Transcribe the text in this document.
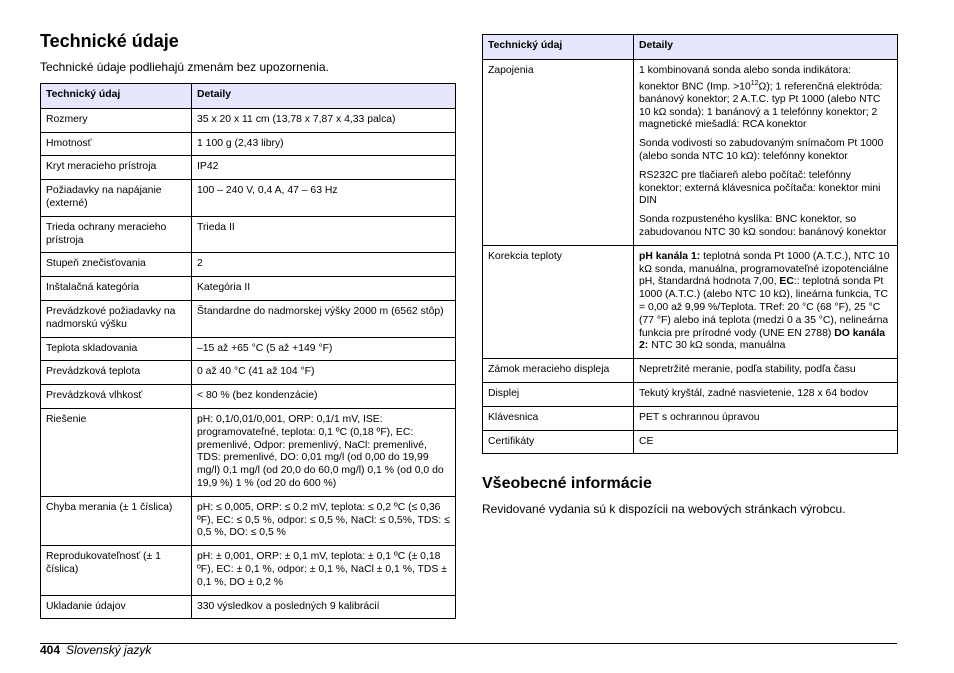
Technické údaje

Technické údaje podliehajú zmenám bez upozornenia.

Technický údaj	Detaily
Rozmery	35 x 20 x 11 cm (13,78 x 7,87 x 4,33 palca)
Hmotnosť	1 100 g (2,43 libry)
Kryt meracieho prístroja	IP42
Požiadavky na napájanie (externé)	100 – 240 V, 0,4 A, 47 – 63 Hz
Trieda ochrany meracieho prístroja	Trieda II
Stupeň znečisťovania	2
Inštalačná kategória	Kategória II
Prevádzkové požiadavky na nadmorskú výšku	Štandardne do nadmorskej výšky 2000 m (6562 stôp)
Teplota skladovania	–15 až +65 °C (5 až +149 °F)
Prevádzková teplota	0 až 40 °C (41 až 104 °F)
Prevádzková vlhkosť	< 80 % (bez kondenzácie)
Riešenie	pH: 0,1/0,01/0,001, ORP: 0,1/1 mV, ISE: programovateľné, teplota: 0,1 ºC (0,18 ºF), EC: premenlivé, Odpor: premenlivý, NaCl: premenlivé, TDS: premenlivé, DO: 0,01 mg/l (od 0,00 do 19,99 mg/l) 0,1 mg/l (od 20,0 do 60,0 mg/l) 0,1 % (od 0,0 do 19,9 %) 1 % (od 20 do 600 %)
Chyba merania (± 1 číslica)	pH: ≤ 0,005, ORP: ≤ 0.2 mV, teplota: ≤ 0,2 ºC (≤ 0,36 ºF), EC: ≤ 0,5 %, odpor: ≤ 0,5 %, NaCl: ≤ 0,5%, TDS: ≤ 0,5 %, DO: ≤ 0,5 %
Reprodukovateľnosť (± 1 číslica)	pH: ± 0,001, ORP: ± 0,1 mV, teplota: ± 0,1 ºC (± 0,18 ºF), EC: ± 0,1 %, odpor: ± 0,1 %, NaCl ± 0,1 %, TDS ± 0,1 %, DO ± 0,2 %
Ukladanie údajov	330 výsledkov a posledných 9 kalibrácií
Technický údaj	Detaily
Zapojenia	1 kombinovaná sonda alebo sonda indikátora: konektor BNC (Imp. $>10^{12}\Omega$); 1 referenčná elektróda: banánový konektor; 2 A.T.C. typ Pt 1000 (alebo NTC 10 kΩ sonda): 1 banánový a 1 telefónny konektor; 2 magnetické miešadlá: RCA konektor

Sonda vodivosti so zabudovaným snímačom Pt 1000 (alebo sonda NTC 10 kΩ): telefónny konektor

RS232C pre tlačiareň alebo počítač: telefónny konektor; externá klávesnica počítača: konektor mini DIN

Sonda rozpusteného kyslíka: BNC konektor, so zabudovanou NTC 30 kΩ sondou: banánový konektor

Korekcia teploty	pH kanála 1: teplotná sonda Pt 1000 (A.T.C.), NTC 10 kΩ sonda, manuálna, programovateľné izopotenciálne pH, štandardná hodnota 7,00, EC:: teplotná sonda Pt 1000 (A.T.C.) (alebo NTC 10 kΩ), lineárna funkcia, TC = 0,00 až 9,99 %/Teplota. TRef: 20 °C (68 °F), 25 °C (77 °F) alebo iná teplota (medzi 0 a 35 °C), nelineárna funkcia pre prírodné vody (UNE EN 2788) DO kanála 2: NTC 30 kΩ sonda, manuálna
Zámok meracieho displeja	Nepretržité meranie, podľa stability, podľa času
Displej	Tekutý kryštál, zadné nasvietenie, 128 x 64 bodov
Klávesnica	PET s ochrannou úpravou
Certifikáty	CE
Všeobecné informácie

Revidované vydania sú k dispozícii na webových stránkach výrobcu.

404 Slovenský jazyk
